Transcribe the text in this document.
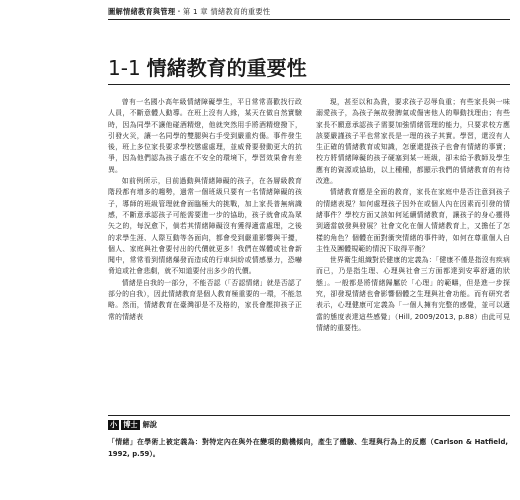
圖解情緒教育與管理・第 1 章 情緒教育的重要性
1-1 情緒教育的重要性

曾有一名國小高年級情緒障礙學生，平日常常喜歡找行政人員，不斷意體人動導。在班上沒有人緣，某天在做自然實驗時，因為同學不讓他碰酒精燈，他就突然用手將酒精燈撥下，引發火災，讓一名同學的雙腿與右手受到嚴重灼傷。事件發生後，班上多位家長要求學校懲處處理，並威脅要發動更大的抗爭，因為他們認為孩子處在不安全的環境下，學習效果會有差異。

如前例所示，目前過動與情緒障礙的孩子，在各層級教育階段都有增多的趨勢，過常一個班級只要有一名情緒障礙的孩子，導師的班級管理就會面臨極大的挑戰，加上家長普無病識感，不斷意承認孩子可能需要進一步的協助，孩子就會成為眾矢之的，每況愈下，倘若其情緒障礙沒有獲得適當處理，之後的求學生涯、人際互動等各面向，都會受到嚴重影響與干擾，個人、家庭與社會要付出的代價就更多！我們在媒體或社會新聞中，常常看到情緒爆發而造成的行車糾紛或情感暴力，恐嚇脅迫或社會悲劇，就不知道要付出多少的代價。

情緒是自我的一部分，不能否認（「否認情緒」就是否認了部分的自我），因此情緒教育是個人教育極重要的一環，不能忽略。然而，情緒教育在臺灣卻是不及格的，家長會壓抑孩子正常的情緒表

現，甚至以和為貴，要求孩子忍辱負重；有些家長與一味溺愛孩子，為孩子無故發脾氣或傷害他人的舉動找理由；有些家長不願意承認孩子需要加強情緒管理的能力，只要求校方應該要嚴謹孩子平也常家長是一理的孩子其實。學習，還沒有人生正確的情緒教育或知識，怎麼還提孩子也會有情緒的事實；校方將情緒障礙的孩子硬塞到某一班級，卻未給予教師及學生應有的資源或協助，以上種種，都顯示我們的情緒教育的有待改進。

情緒教育應是全面的教育，家長在家庭中是否注意到孩子的情緒表現？如何處理孩子因外在或個人內在因素而引發的情緒事件？學校方面又該如何延續情緒教育，讓孩子的身心靈得到適當啟發與發展？社會文化在個人情緒教育上，又擔任了怎樣的角色？個體在面對衝突情緒的事件時，如何在尊重個人自主性及團體規範的情況下取得平衡？

世界衛生組織對於健康的定義為：「健康不僅是指沒有疾病而已，乃是指生理、心理與社會三方面都達到安寧舒適的狀態」。一般都是將情緒歸屬於「心理」的範疇，但是進一步探究，卻發現情緒也會影響個體之生理與社會功能。而有研究者表示，心理健康可定義為「一個人擁有完整的感覺，並可以適當的態度表達這些感覺」（Hill, 2009/2013, p.88）由此可見情緒的重要性。

小 博士 解說
「情緒」在學術上被定義為：對特定內在與外在變項的動機傾向，產生了體驗、生理與行為上的反應（Carlson & Hatfield, 1992, p.59）。
